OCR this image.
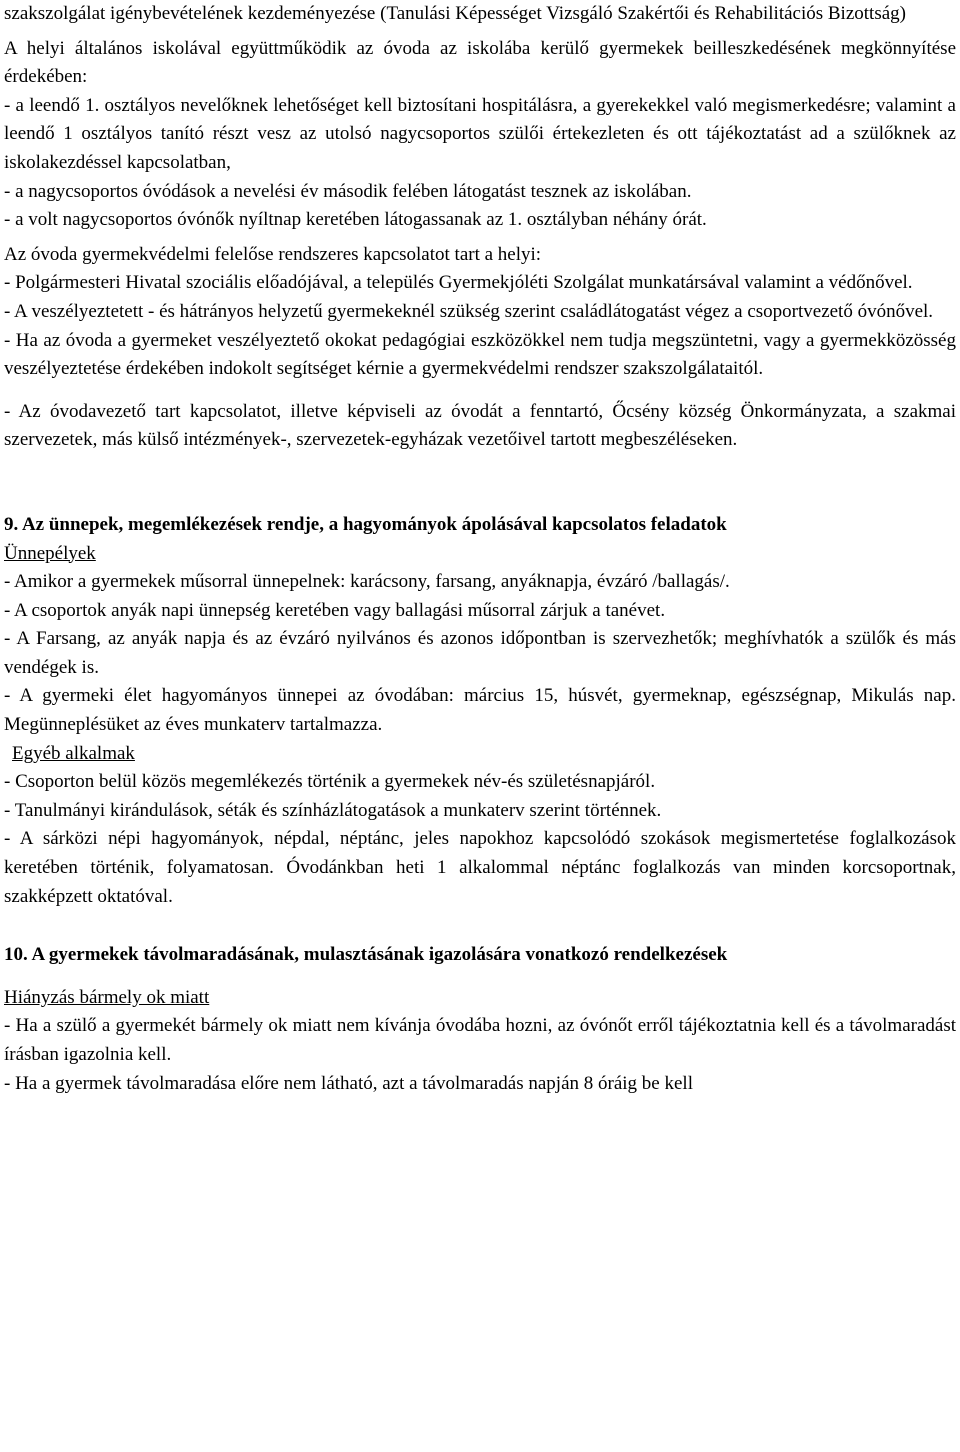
szakszolgálat igénybevételének kezdeményezése (Tanulási Képességet Vizsgáló Szakértői és Rehabilitációs Bizottság)

A helyi általános iskolával együttműködik az óvoda az iskolába kerülő gyermekek beilleszkedésének megkönnyítése érdekében:

- a leendő 1. osztályos nevelőknek lehetőséget kell biztosítani hospitálásra, a gyerekekkel való megismerkedésre; valamint a leendő 1 osztályos tanító részt vesz az utolsó nagycsoportos szülői értekezleten és ott tájékoztatást ad a szülőknek az iskolakezdéssel kapcsolatban,

- a nagycsoportos óvódások a nevelési év második felében látogatást tesznek az iskolában.

- a volt nagycsoportos óvónők nyíltnap keretében látogassanak az 1. osztályban néhány órát.

Az óvoda gyermekvédelmi felelőse rendszeres kapcsolatot tart a helyi:

- Polgármesteri Hivatal szociális előadójával, a település Gyermekjóléti Szolgálat munkatársával valamint a védőnővel.

- A veszélyeztetett - és hátrányos helyzetű gyermekeknél szükség szerint családlátogatást végez a csoportvezető óvónővel.

- Ha az óvoda a gyermeket veszélyeztető okokat pedagógiai eszközökkel nem tudja megszüntetni, vagy a gyermekközösség veszélyeztetése érdekében indokolt segítséget kérnie a gyermekvédelmi rendszer szakszolgálataitól.

- Az óvodavezető tart kapcsolatot, illetve képviseli az óvodát a fenntartó, Őcsény község Önkormányzata, a szakmai szervezetek, más külső intézmények-, szervezetek-egyházak vezetőivel tartott megbeszéléseken.

9. Az ünnepek, megemlékezések rendje, a hagyományok ápolásával kapcsolatos feladatok

Ünnepélyek

- Amikor a gyermekek műsorral ünnepelnek: karácsony, farsang, anyáknapja, évzáró /ballagás/.

- A csoportok anyák napi ünnepség keretében vagy ballagási műsorral zárjuk a tanévet.

- A Farsang, az anyák napja és az évzáró nyilvános és azonos időpontban is szervezhetők; meghívhatók a szülők és más vendégek is.

- A gyermeki élet hagyományos ünnepei az óvodában: március 15, húsvét, gyermeknap, egészségnap, Mikulás nap. Megünneplésüket az éves munkaterv tartalmazza.

Egyéb alkalmak

- Csoporton belül közös megemlékezés történik a gyermekek név-és születésnapjáról.

- Tanulmányi kirándulások, séták és színházlátogatások a munkaterv szerint történnek.

- A sárközi népi hagyományok, népdal, néptánc, jeles napokhoz kapcsolódó szokások megismertetése foglalkozások keretében történik, folyamatosan. Óvodánkban heti 1 alkalommal néptánc foglalkozás van minden korcsoportnak, szakképzett oktatóval.

10. A gyermekek távolmaradásának, mulasztásának igazolására vonatkozó rendelkezések

Hiányzás bármely ok miatt

- Ha a szülő a gyermekét bármely ok miatt nem kívánja óvodába hozni, az óvónőt erről tájékoztatnia kell és a távolmaradást írásban igazolnia kell.

- Ha a gyermek távolmaradása előre nem látható, azt a távolmaradás napján 8 óráig be kell
